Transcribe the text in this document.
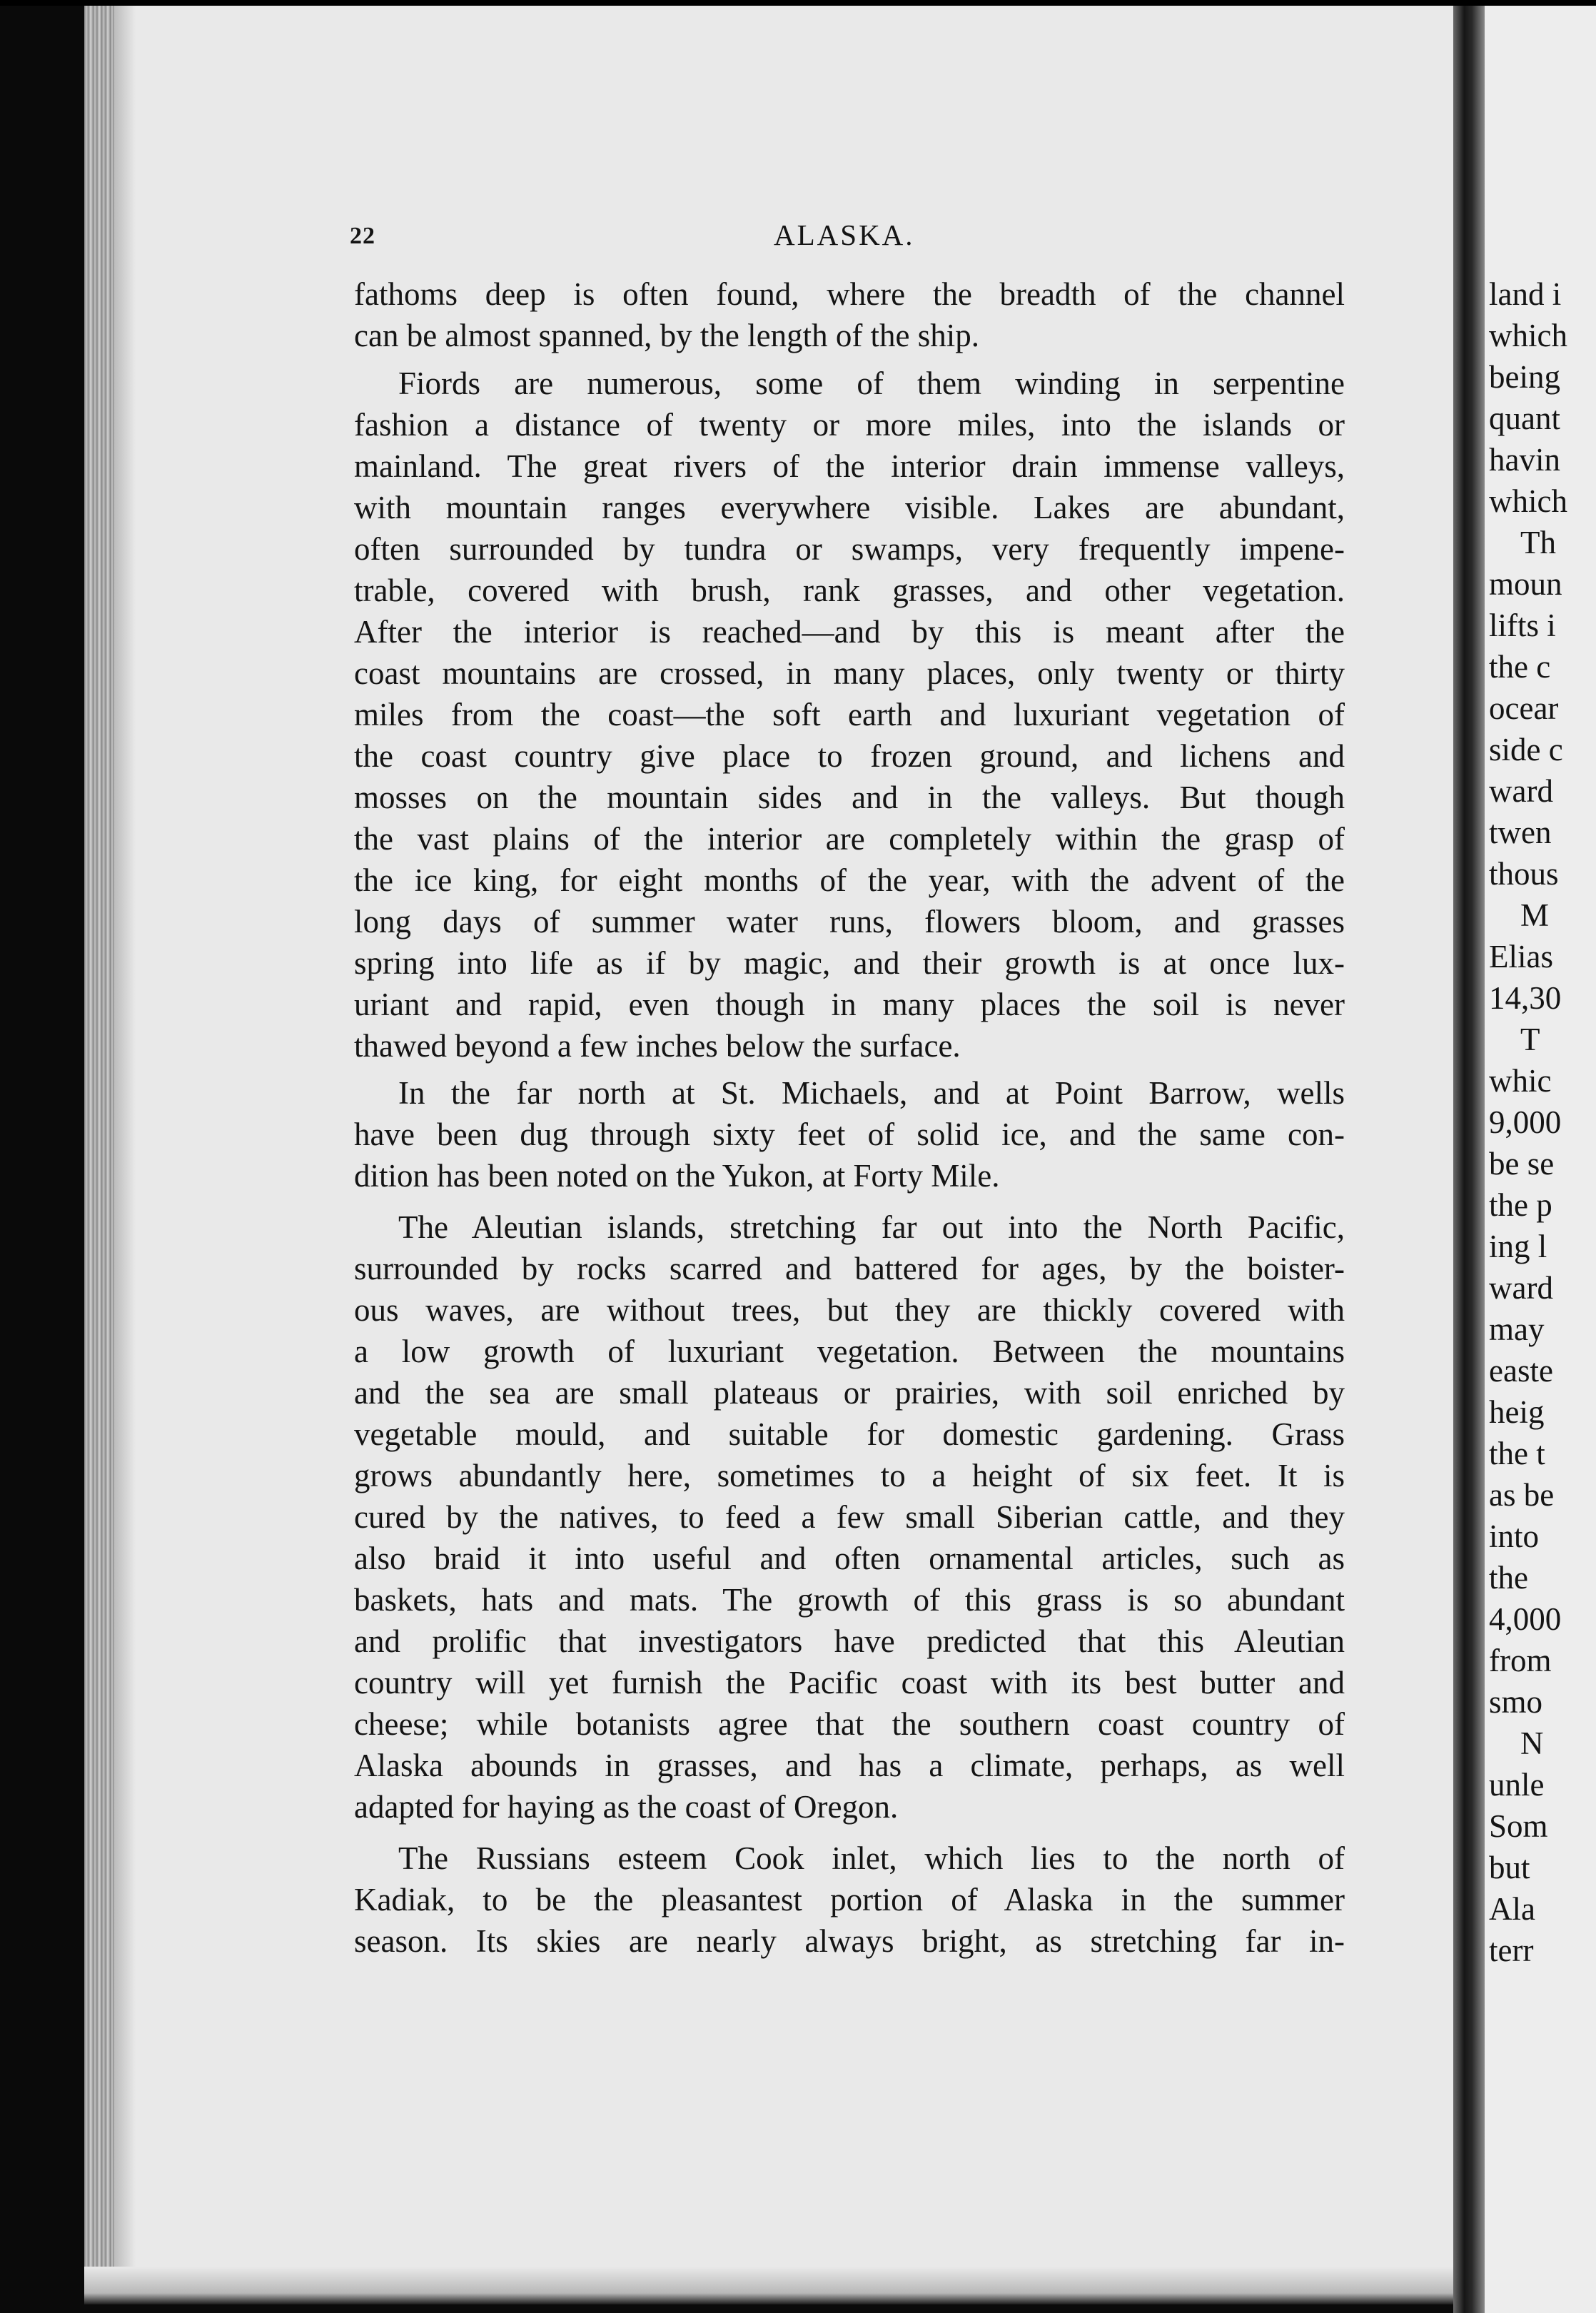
22	ALASKA.
fathoms deep is often found, where the breadth of the channel
can be almost spanned, by the length of the ship.
Fiords are numerous, some of them winding in serpentine
fashion a distance of twenty or more miles, into the islands or
mainland. The great rivers of the interior drain immense valleys,
with mountain ranges everywhere visible. Lakes are abundant,
often surrounded by tundra or swamps, very frequently impene-
trable, covered with brush, rank grasses, and other vegetation.
After the interior is reached—and by this is meant after the
coast mountains are crossed, in many places, only twenty or thirty
miles from the coast—the soft earth and luxuriant vegetation of
the coast country give place to frozen ground, and lichens and
mosses on the mountain sides and in the valleys. But though
the vast plains of the interior are completely within the grasp of
the ice king, for eight months of the year, with the advent of the
long days of summer water runs, flowers bloom, and grasses
spring into life as if by magic, and their growth is at once lux-
uriant and rapid, even though in many places the soil is never
thawed beyond a few inches below the surface.
In the far north at St. Michaels, and at Point Barrow, wells
have been dug through sixty feet of solid ice, and the same con-
dition has been noted on the Yukon, at Forty Mile.
The Aleutian islands, stretching far out into the North Pacific,
surrounded by rocks scarred and battered for ages, by the boister-
ous waves, are without trees, but they are thickly covered with
a low growth of luxuriant vegetation. Between the mountains
and the sea are small plateaus or prairies, with soil enriched by
vegetable mould, and suitable for domestic gardening. Grass
grows abundantly here, sometimes to a height of six feet. It is
cured by the natives, to feed a few small Siberian cattle, and they
also braid it into useful and often ornamental articles, such as
baskets, hats and mats. The growth of this grass is so abundant
and prolific that investigators have predicted that this Aleutian
country will yet furnish the Pacific coast with its best butter and
cheese; while botanists agree that the southern coast country of
Alaska abounds in grasses, and has a climate, perhaps, as well
adapted for haying as the coast of Oregon.
The Russians esteem Cook inlet, which lies to the north of
Kadiak, to be the pleasantest portion of Alaska in the summer
season. Its skies are nearly always bright, as stretching far in-
land i
which
being
quant
havin
which
Th
moun
lifts i
the c
ocear
side c
ward
twen
thous
M
Elias
14,30
T
whic
9,000
be se
the p
ing l
ward
may
easte
heig
the t
as be
into
the
4,000
from
smo
N
unle
Som
but
Ala
terr
